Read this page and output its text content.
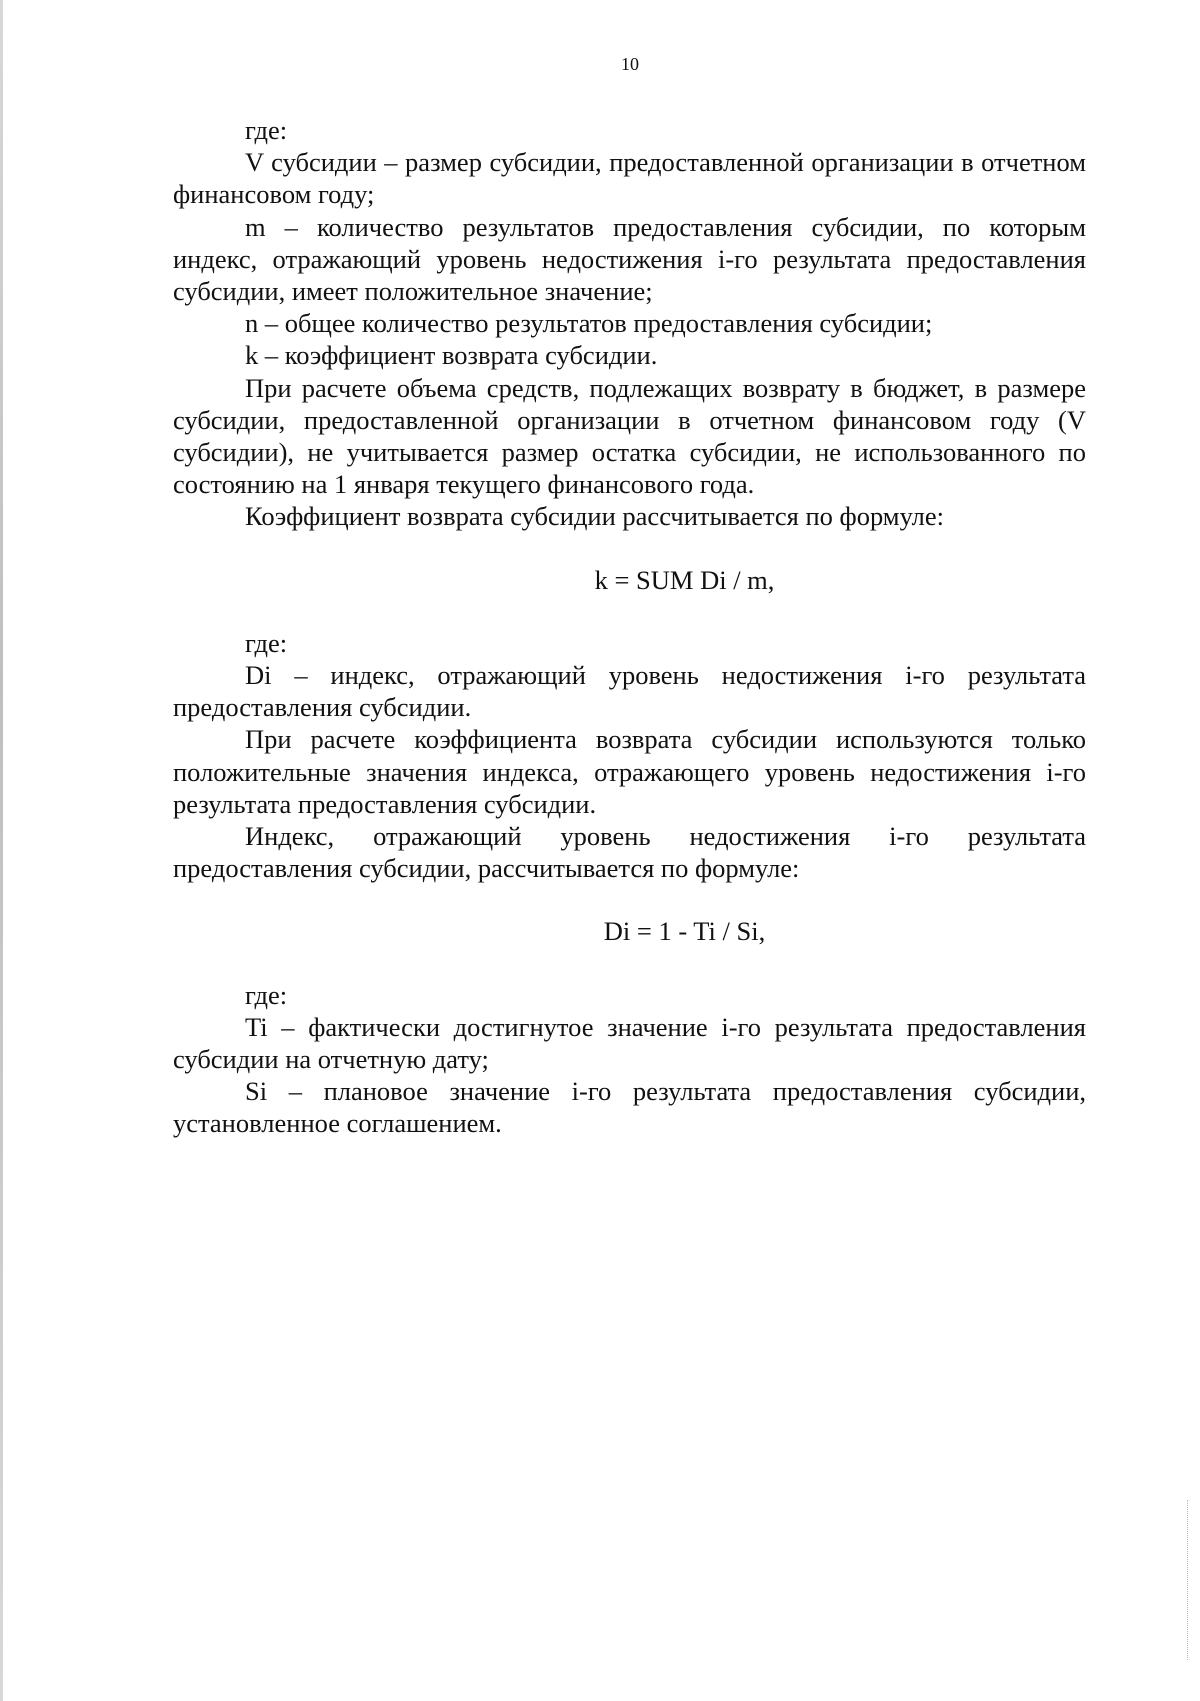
10

где:

V субсидии – размер субсидии, предоставленной организации в отчетном финансовом году;

m – количество результатов предоставления субсидии, по которым индекс, отражающий уровень недостижения i-го результата предоставления субсидии, имеет положительное значение;

n – общее количество результатов предоставления субсидии;

k – коэффициент возврата субсидии.

При расчете объема средств, подлежащих возврату в бюджет, в размере субсидии, предоставленной организации в отчетном финансовом году (V субсидии), не учитывается размер остатка субсидии, не использованного по состоянию на 1 января текущего финансового года.

Коэффициент возврата субсидии рассчитывается по формуле:

k = SUM Di / m,

где:

Di – индекс, отражающий уровень недостижения i-го результата предоставления субсидии.

При расчете коэффициента возврата субсидии используются только положительные значения индекса, отражающего уровень недостижения i-го результата предоставления субсидии.

Индекс, отражающий уровень недостижения i-го результата предоставления субсидии, рассчитывается по формуле:

Di = 1 - Ti / Si,

где:

Ti – фактически достигнутое значение i-го результата предоставления субсидии на отчетную дату;

Si – плановое значение i-го результата предоставления субсидии, установленное соглашением.
